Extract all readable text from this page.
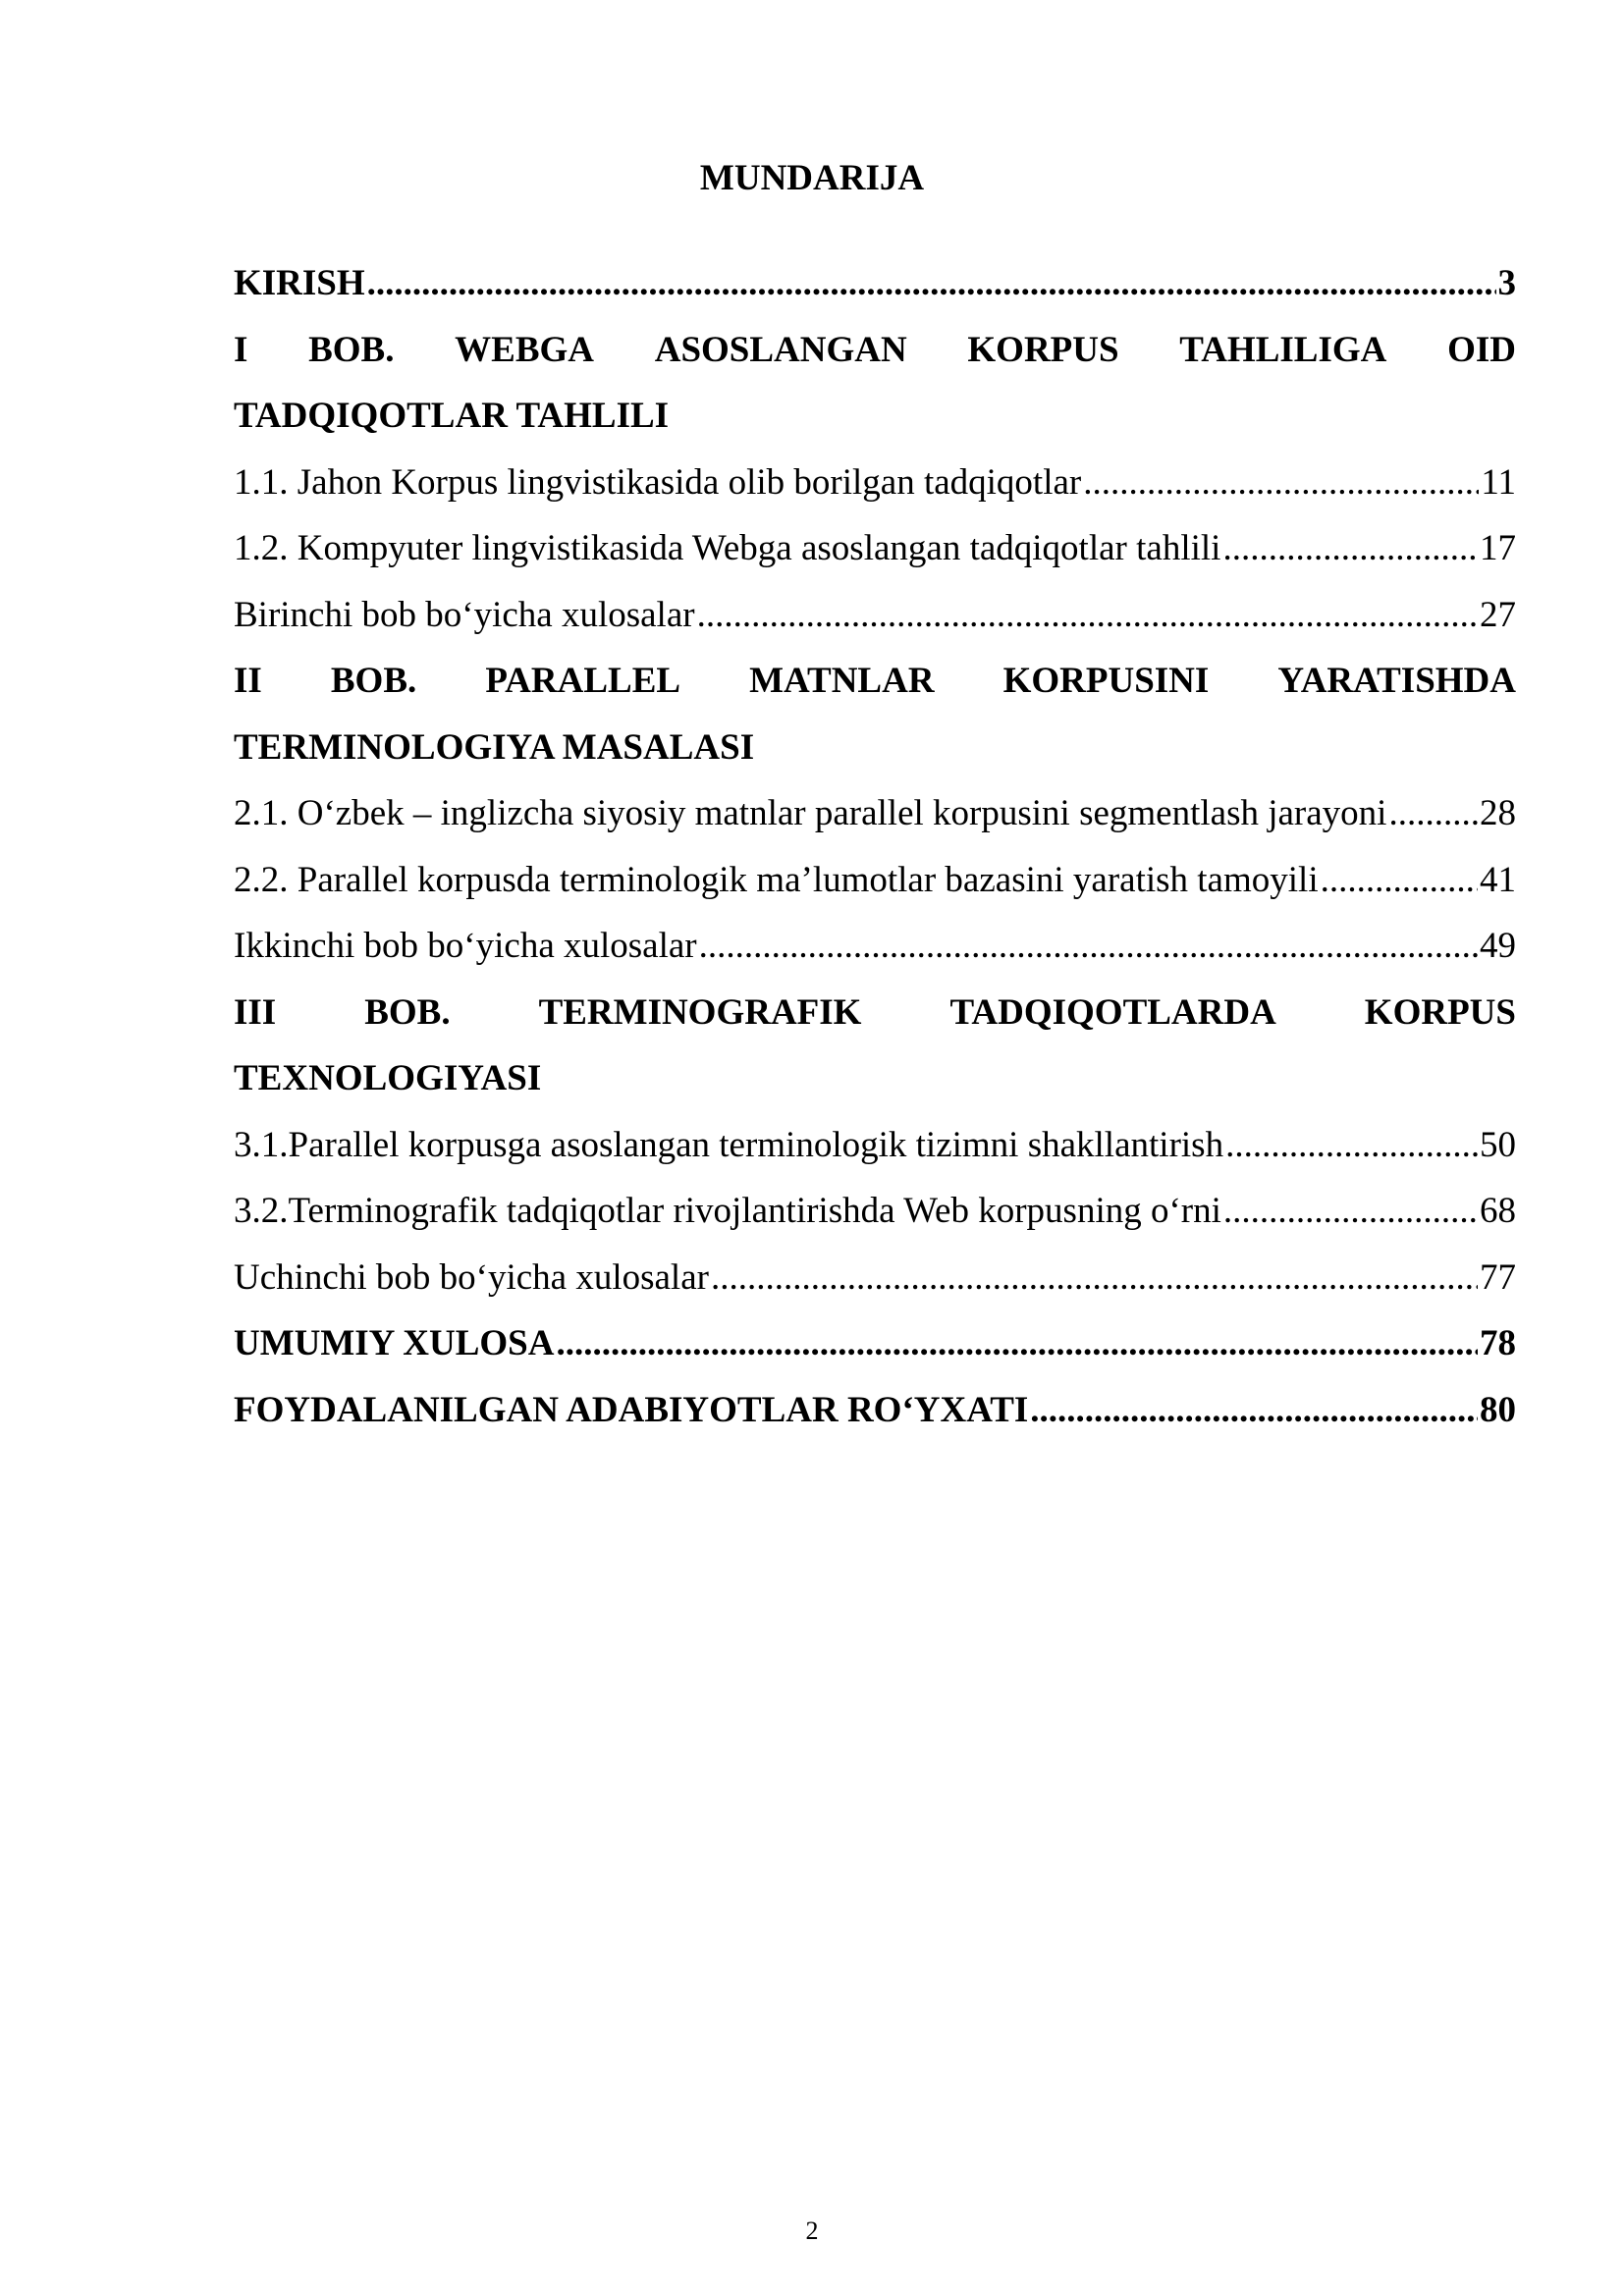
MUNDARIJA
KIRISH .....	3
I BOB. WEBGA ASOSLANGAN KORPUS TAHLILIGA OID
TADQIQOTLAR TAHLILI
1.1. Jahon Korpus lingvistikasida olib borilgan tadqiqotlar .....	11
1.2. Kompyuter lingvistikasida Webga asoslangan tadqiqotlar tahlili .....	17
Birinchi bob bo‘yicha xulosalar .....	27
II BOB. PARALLEL MATNLAR KORPUSINI YARATISHDA
TERMINOLOGIYA MASALASI
2.1. O‘zbek – inglizcha siyosiy matnlar parallel korpusini segmentlash jarayoni .....	28
2.2. Parallel korpusda terminologik ma’lumotlar bazasini yaratish tamoyili .....	41
Ikkinchi bob bo‘yicha xulosalar .....	49
III BOB. TERMINOGRAFIK TADQIQOTLARDA KORPUS
TEXNOLOGIYASI
3.1.Parallel korpusga asoslangan terminologik tizimni shakllantirish .....	50
3.2.Terminografik tadqiqotlar rivojlantirishda Web korpusning o‘rni .....	68
Uchinchi bob bo‘yicha xulosalar .....	77
UMUMIY XULOSA .....	78
FOYDALANILGAN ADABIYOTLAR RO‘YXATI .....	80
2
